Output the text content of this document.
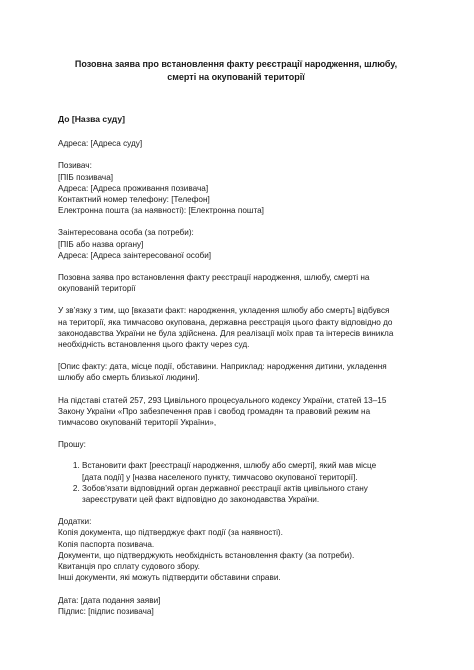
Позовна заява про встановлення факту реєстрації народження, шлюбу,
смерті на окупованій території

До [Назва суду]

Адреса: [Адреса суду]

Позивач:

[ПІБ позивача]

Адреса: [Адреса проживання позивача]

Контактний номер телефону: [Телефон]

Електронна пошта (за наявності): [Електронна пошта]

Заінтересована особа (за потреби):

[ПІБ або назва органу]

Адреса: [Адреса заінтересованої особи]

Позовна заява про встановлення факту реєстрації народження, шлюбу, смерті на

окупованій території

У зв’язку з тим, що [вказати факт: народження, укладення шлюбу або смерть] відбувся

на території, яка тимчасово окупована, державна реєстрація цього факту відповідно до

законодавства України не була здійснена. Для реалізації моїх прав та інтересів виникла

необхідність встановлення цього факту через суд.

[Опис факту: дата, місце події, обставини. Наприклад: народження дитини, укладення

шлюбу або смерть близької людини].

На підставі статей 257, 293 Цивільного процесуального кодексу України, статей 13–15

Закону України «Про забезпечення прав і свобод громадян та правовий режим на

тимчасово окупованій території України»,

Прошу:

1. Встановити факт [реєстрації народження, шлюбу або смерті], який мав місце
[дата події] у [назва населеного пункту, тимчасово окупованої території].
2. Зобов’язати відповідний орган державної реєстрації актів цивільного стану
зареєструвати цей факт відповідно до законодавства України.

Додатки:

Копія документа, що підтверджує факт події (за наявності).

Копія паспорта позивача.

Документи, що підтверджують необхідність встановлення факту (за потреби).

Квитанція про сплату судового збору.

Інші документи, які можуть підтвердити обставини справи.

Дата: [дата подання заяви]

Підпис: [підпис позивача]
